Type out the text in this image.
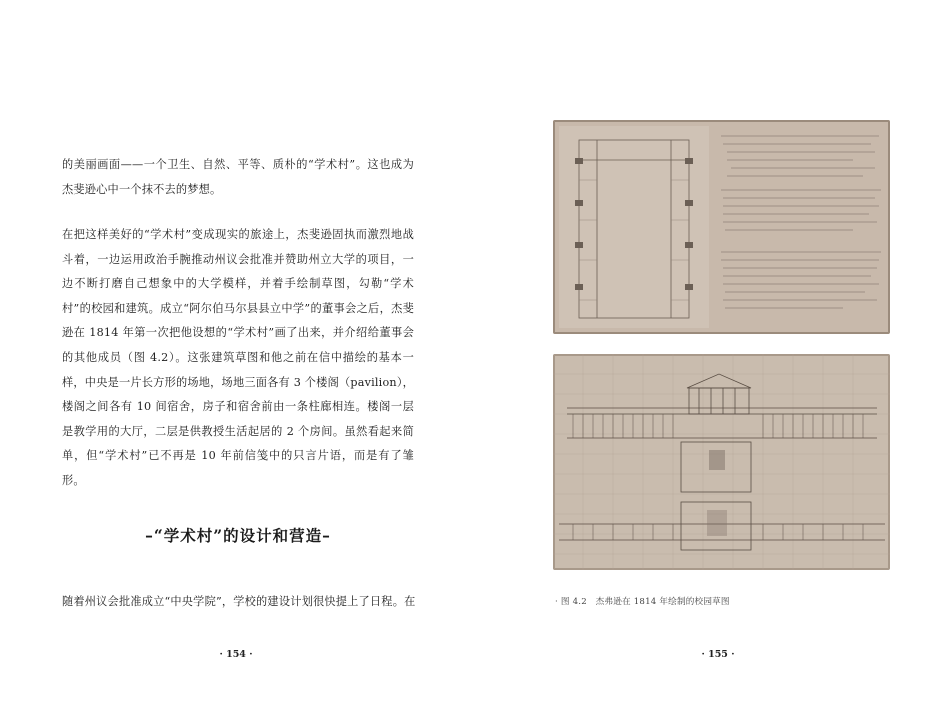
的美丽画面——一个卫生、自然、平等、质朴的“学术村”。这也成为杰斐逊心中一个抹不去的梦想。

在把这样美好的“学术村”变成现实的旅途上，杰斐逊固执而激烈地战斗着，一边运用政治手腕推动州议会批准并赞助州立大学的项目，一边不断打磨自己想象中的大学模样，并着手绘制草图，勾勒“学术村”的校园和建筑。成立“阿尔伯马尔县县立中学”的董事会之后，杰斐逊在 1814 年第一次把他设想的“学术村”画了出来，并介绍给董事会的其他成员（图 4.2）。这张建筑草图和他之前在信中描绘的基本一样，中央是一片长方形的场地，场地三面各有 3 个楼阁（pavilion），楼阁之间各有 10 间宿舍，房子和宿舍前由一条柱廊相连。楼阁一层是教学用的大厅，二层是供教授生活起居的 2 个房间。虽然看起来简单，但“学术村”已不再是 10 年前信笺中的只言片语，而是有了雏形。

–“学术村”的设计和营造–

随着州议会批准成立“中央学院”，学校的建设计划很快提上了日程。在

· 154 ·
· 图 4.2　杰弗逊在 1814 年绘制的校园草图
· 155 ·
